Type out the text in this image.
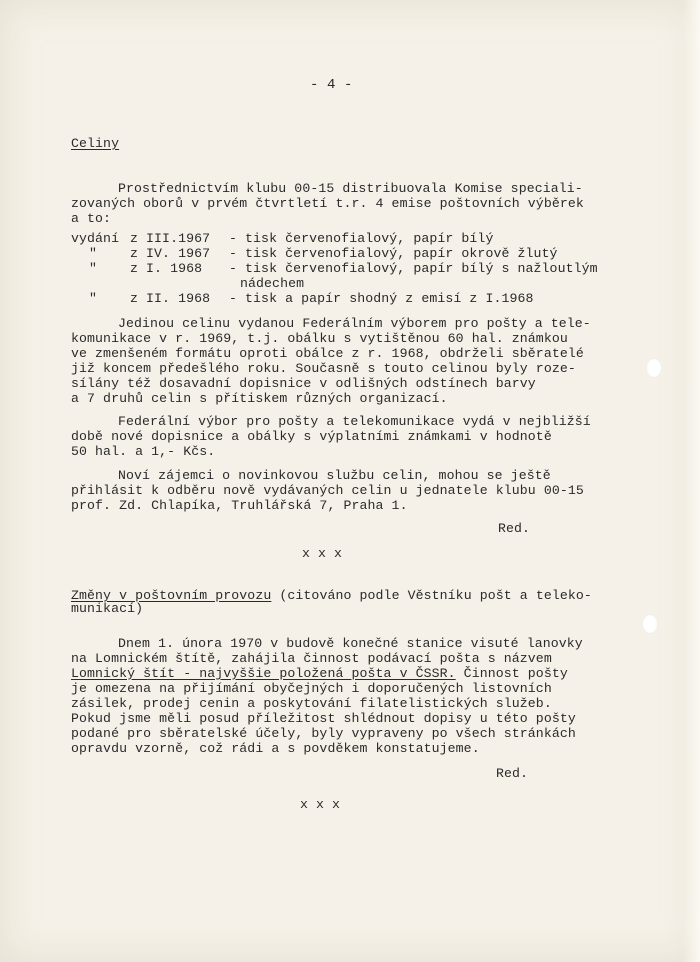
- 4 -
Celiny
Prostřednictvím klubu 00-15 distribuovala Komise speciali-
zovaných oborů v prvém čtvrtletí t.r. 4 emise poštovních výběrek
a to:
vydání z III.1967 - tisk červenofialový, papír bílý
" z IV. 1967 - tisk červenofialový, papír okrově žlutý
" z I. 1968 - tisk červenofialový, papír bílý s nažloutlým
nádechem
" z II. 1968 - tisk a papír shodný z emisí z I.1968
Jedinou celinu vydanou Federálním výborem pro pošty a tele-
komunikace v r. 1969, t.j. obálku s vytištěnou 60 hal. známkou
ve zmenšeném formátu oproti obálce z r. 1968, obdrželi sběratelé
již koncem předešlého roku. Současně s touto celinou byly roze-
sílány též dosavadní dopisnice v odlišných odstínech barvy
a 7 druhů celin s přítiskem různých organizací.
Federální výbor pro pošty a telekomunikace vydá v nejbližší
době nové dopisnice a obálky s výplatními známkami v hodnotě
50 hal. a 1,- Kčs.
Noví zájemci o novinkovou službu celin, mohou se ještě
přihlásit k odběru nově vydávaných celin u jednatele klubu 00-15
prof. Zd. Chlapíka, Truhlářská 7, Praha 1.
Red.
x x x
Změny v poštovním provozu (citováno podle Věstníku pošt a teleko-
munikací)
Dnem 1. února 1970 v budově konečné stanice visuté lanovky
na Lomnickém štítě, zahájila činnost podávací pošta s názvem
Lomnický štít - najvyššie položená pošta v ČSSR. Činnost pošty
je omezena na přijímání obyčejných i doporučených listovních
zásilek, prodej cenin a poskytování filatelistických služeb.
Pokud jsme měli posud příležitost shlédnout dopisy u této pošty
podané pro sběratelské účely, byly vypraveny po všech stránkách
opravdu vzorně, což rádi a s povděkem konstatujeme.
Red.
x x x
